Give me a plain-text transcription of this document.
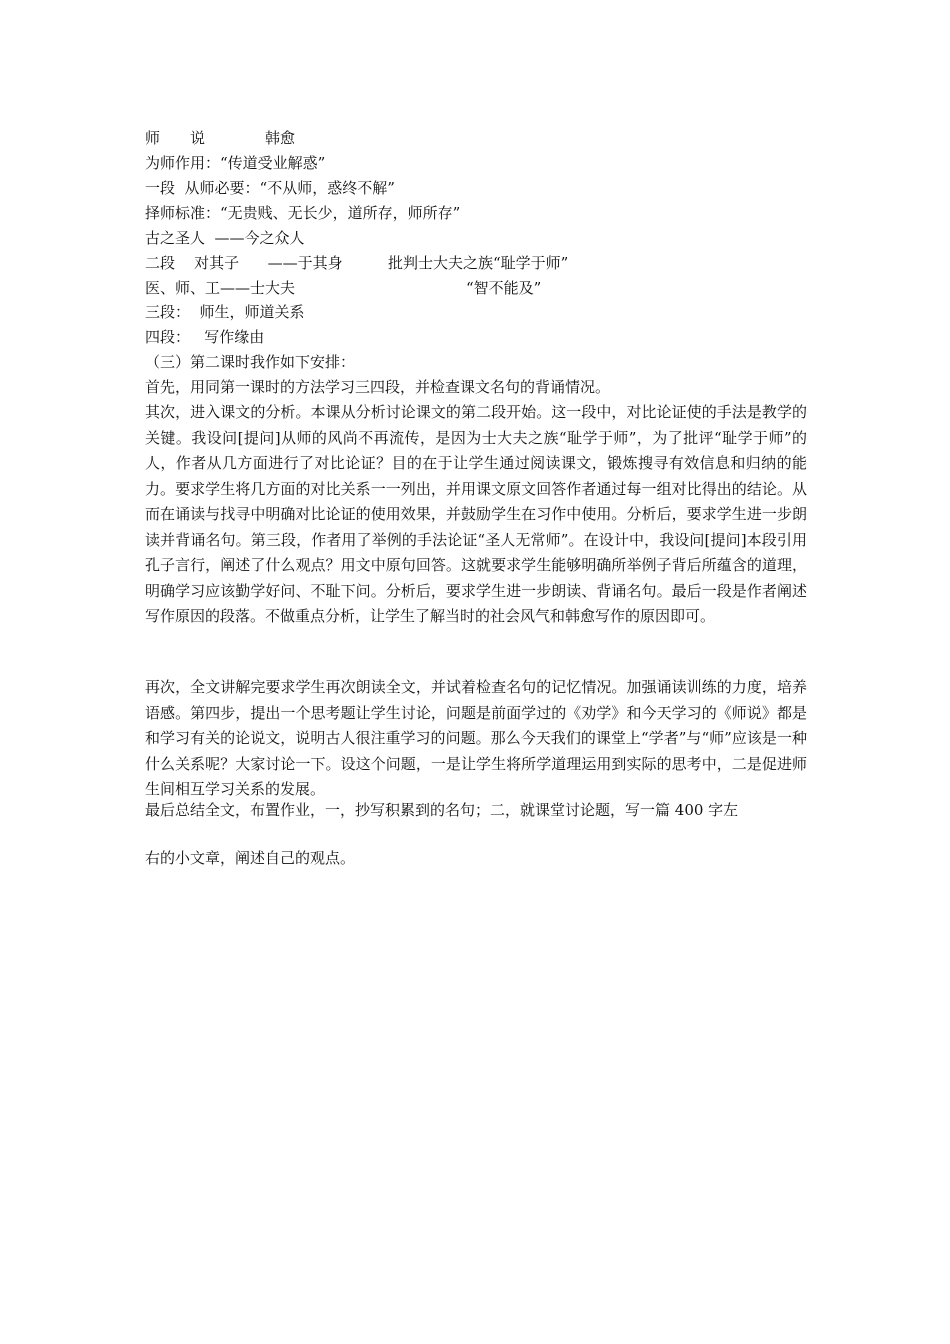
师　　说　　　　韩愈
为师作用：“传道受业解惑”
一段  从师必要：“不从师，惑终不解”
择师标准：“无贵贱、无长少，道所存，师所存”
古之圣人  ——今之众人
二段    对其子      ——于其身	批判士大夫之族“耻学于师”
医、师、工——士大夫	“智不能及”
三段：  师生，师道关系
四段：   写作缘由
（三）第二课时我作如下安排：
首先，用同第一课时的方法学习三四段，并检查课文名句的背诵情况。
其次，进入课文的分析。本课从分析讨论课文的第二段开始。这一段中，对比论证使的手法是教学的关键。我设问[提问]从师的风尚不再流传，是因为士大夫之族“耻学于师”，为了批评“耻学于师”的人，作者从几方面进行了对比论证？目的在于让学生通过阅读课文，锻炼搜寻有效信息和归纳的能力。要求学生将几方面的对比关系一一列出，并用课文原文回答作者通过每一组对比得出的结论。从而在诵读与找寻中明确对比论证的使用效果，并鼓励学生在习作中使用。分析后，要求学生进一步朗读并背诵名句。第三段，作者用了举例的手法论证“圣人无常师”。在设计中，我设问[提问]本段引用孔子言行，阐述了什么观点？用文中原句回答。这就要求学生能够明确所举例子背后所蕴含的道理，明确学习应该勤学好问、不耻下问。分析后，要求学生进一步朗读、背诵名句。最后一段是作者阐述写作原因的段落。不做重点分析，让学生了解当时的社会风气和韩愈写作的原因即可。
再次，全文讲解完要求学生再次朗读全文，并试着检查名句的记忆情况。加强诵读训练的力度，培养语感。第四步，提出一个思考题让学生讨论，问题是前面学过的《劝学》和今天学习的《师说》都是和学习有关的论说文，说明古人很注重学习的问题。那么今天我们的课堂上“学者”与“师”应该是一种什么关系呢？大家讨论一下。设这个问题，一是让学生将所学道理运用到实际的思考中，二是促进师生间相互学习关系的发展。
最后总结全文，布置作业，一，抄写积累到的名句；二，就课堂讨论题，写一篇 400 字左
右的小文章，阐述自己的观点。
